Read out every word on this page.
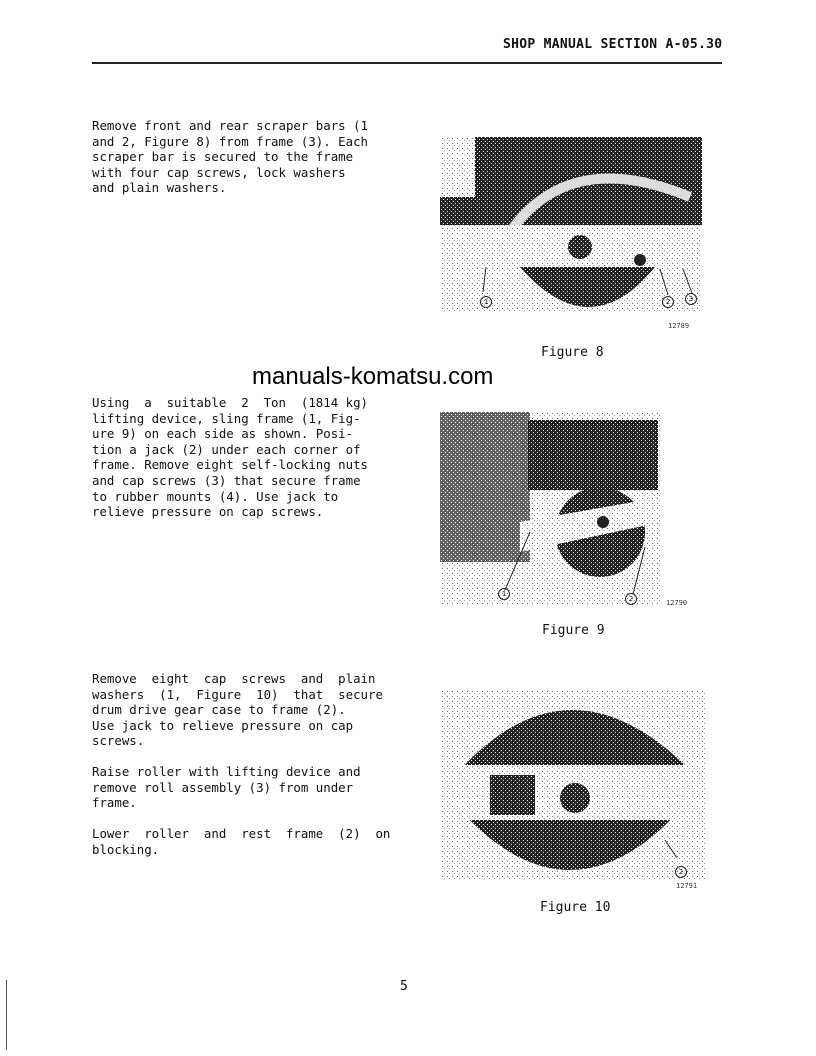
SHOP MANUAL SECTION A-05.30
Remove front and rear scraper bars (1
and 2, Figure 8) from frame (3). Each
scraper bar is secured to the frame
with four cap screws, lock washers
and plain washers.
Using  a  suitable  2  Ton  (1814 kg)
lifting device, sling frame (1, Fig-
ure 9) on each side as shown. Posi-
tion a jack (2) under each corner of
frame. Remove eight self-locking nuts
and cap screws (3) that secure frame
to rubber mounts (4). Use jack to
relieve pressure on cap screws.
Remove  eight  cap  screws  and  plain
washers  (1,  Figure  10)  that  secure
drum drive gear case to frame (2).
Use jack to relieve pressure on cap
screws.
Raise roller with lifting device and
remove roll assembly (3) from under
frame.
Lower  roller  and  rest  frame  (2)  on
blocking.
1	2	3
12789
Figure 8
1
2	12790
Figure 9
2
12791
Figure 10
manuals-komatsu.com
5
